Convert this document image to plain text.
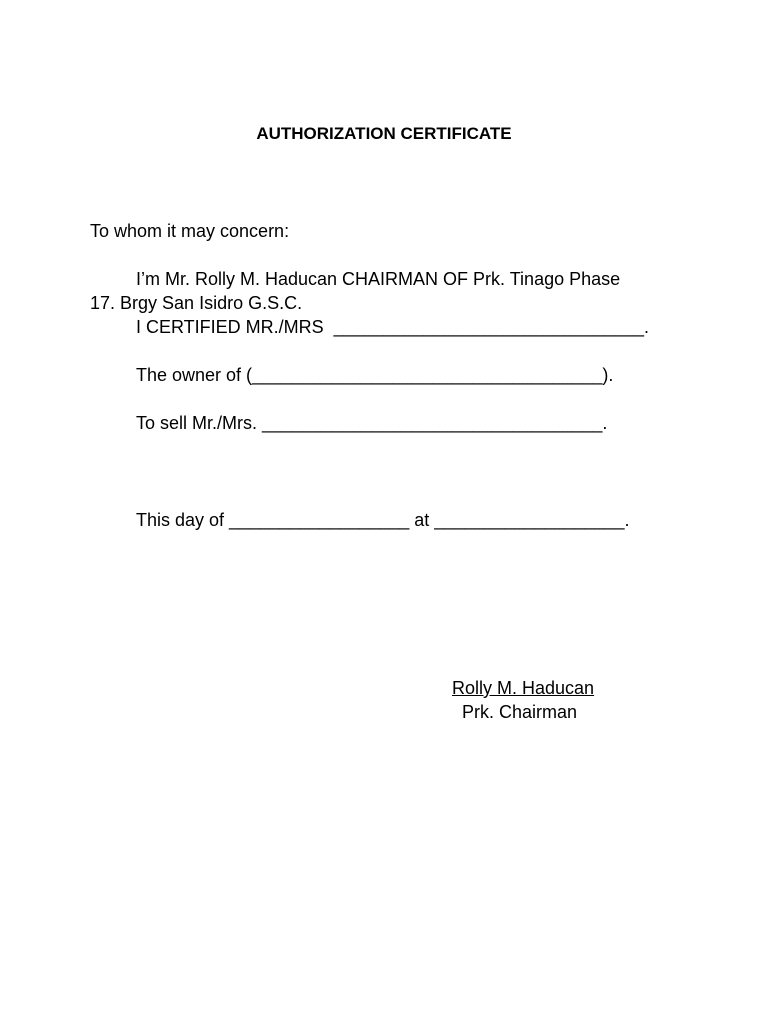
AUTHORIZATION CERTIFICATE
To whom it may concern:
I’m Mr. Rolly M. Haducan CHAIRMAN OF Prk. Tinago Phase
17. Brgy San Isidro G.S.C.
I CERTIFIED MR./MRS  _______________________________.
The owner of (___________________________________).
To sell Mr./Mrs. __________________________________.
This day of __________________ at ___________________.
Rolly M. Haducan
Prk. Chairman
